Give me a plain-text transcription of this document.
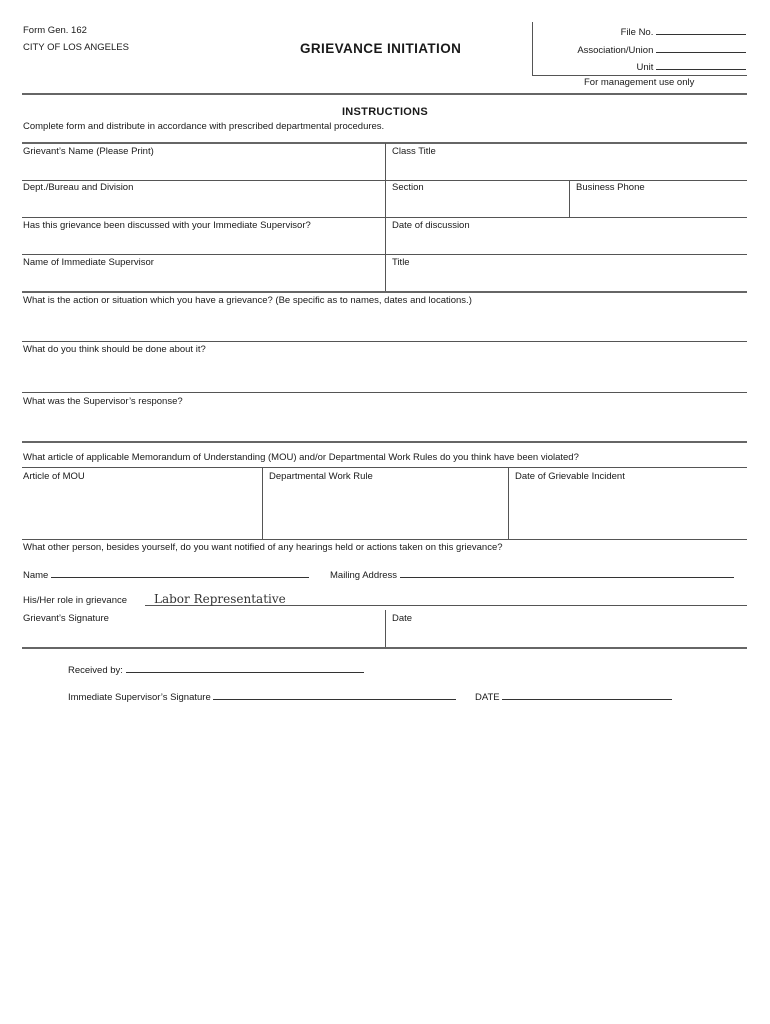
Form Gen. 162
CITY OF LOS ANGELES	GRIEVANCE INITIATION
File No.
Association/Union
Unit
For management use only
INSTRUCTIONS
Complete form and distribute in accordance with prescribed departmental procedures.
Grievant’s Name (Please Print)	Class Title
Dept./Bureau and Division	Section	Business Phone
Has this grievance been discussed with your Immediate Supervisor?	Date of discussion
Name of Immediate Supervisor	Title
What is the action or situation which you have a grievance? (Be specific as to names, dates and locations.)
What do you think should be done about it?
What was the Supervisor’s response?
What article of applicable Memorandum of Understanding (MOU) and/or Departmental Work Rules do you think have been violated?
Article of MOU	Departmental Work Rule	Date of Grievable Incident
What other person, besides yourself, do you want notified of any hearings held or actions taken on this grievance?
Name	Mailing Address
His/Her role in grievance Labor Representative
Grievant’s Signature	Date
Received by:
Immediate Supervisor’s Signature	DATE
